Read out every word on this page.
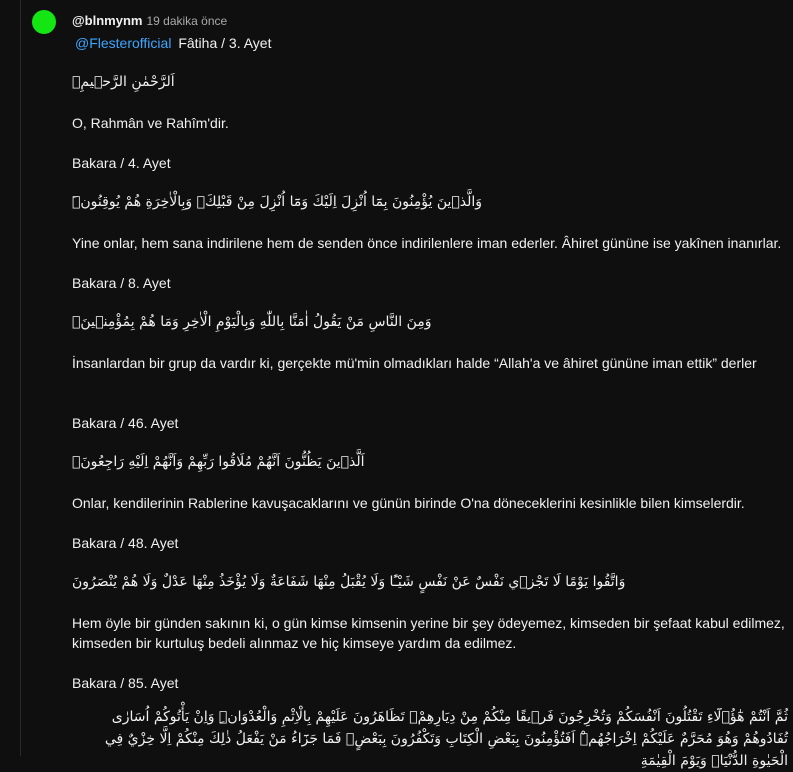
@blnmynm 19 dakika önce
@Flesterofficial Fâtiha / 3. Ayet
اَلرَّحْمٰنِ الرَّح۪يمِۙ
O, Rahmân ve Rahîm'dir.
Bakara / 4. Ayet
وَالَّذ۪ينَ يُؤْمِنُونَ بِمَٓا اُنْزِلَ اِلَيْكَ وَمَٓا اُنْزِلَ مِنْ قَبْلِكَۚ وَبِالْاٰخِرَةِ هُمْ يُوقِنُونَۜ
Yine onlar, hem sana indirilene hem de senden önce indirilenlere iman ederler. Âhiret gününe ise yakînen inanırlar.
Bakara / 8. Ayet
وَمِنَ النَّاسِ مَنْ يَقُولُ اٰمَنَّا بِاللّٰهِ وَبِالْيَوْمِ الْاٰخِرِ وَمَا هُمْ بِمُؤْمِن۪ينَۢ
İnsanlardan bir grup da vardır ki, gerçekte mü'min olmadıkları halde “Allah'a ve âhiret gününe iman ettik” derler
Bakara / 46. Ayet
اَلَّذ۪ينَ يَظُنُّونَ اَنَّهُمْ مُلَاقُوا رَبِّهِمْ وَاَنَّهُمْ اِلَيْهِ رَاجِعُونَ۟
Onlar, kendilerinin Rablerine kavuşacaklarını ve günün birinde O'na döneceklerini kesinlikle bilen kimselerdir.
Bakara / 48. Ayet
وَاتَّقُوا يَوْمًا لَا تَجْز۪ي نَفْسٌ عَنْ نَفْسٍ شَيْـًٔا وَلَا يُقْبَلُ مِنْهَا شَفَاعَةٌ وَلَا يُؤْخَذُ مِنْهَا عَدْلٌ وَلَا هُمْ يُنْصَرُونَ
Hem öyle bir günden sakının ki, o gün kimse kimsenin yerine bir şey ödeyemez, kimseden bir şefaat kabul edilmez, kimseden bir kurtuluş bedeli alınmaz ve hiç kimseye yardım da edilmez.
Bakara / 85. Ayet
ثُمَّ اَنْتُمْ هٰٓؤُ۬لَٓاءِ تَقْتُلُونَ اَنْفُسَكُمْ وَتُخْرِجُونَ فَر۪يقًا مِنْكُمْ مِنْ دِيَارِهِمْۘ تَظَاهَرُونَ عَلَيْهِمْ بِالْاِثْمِ وَالْعُدْوَانِۜ وَاِنْ يَأْتُوكُمْ اُسَارٰى تُفَادُوهُمْ وَهُوَ مُحَرَّمٌ عَلَيْكُمْ اِخْرَاجُهُمْۜ اَفَتُؤْمِنُونَ بِبَعْضِ الْكِتَابِ وَتَكْفُرُونَ بِبَعْضٍۚ فَمَا جَزَٓاءُ مَنْ يَفْعَلُ ذٰلِكَ مِنْكُمْ اِلَّا خِزْيٌ فِي الْحَيٰوةِ الدُّنْيَاۚ وَيَوْمَ الْقِيٰمَةِ
